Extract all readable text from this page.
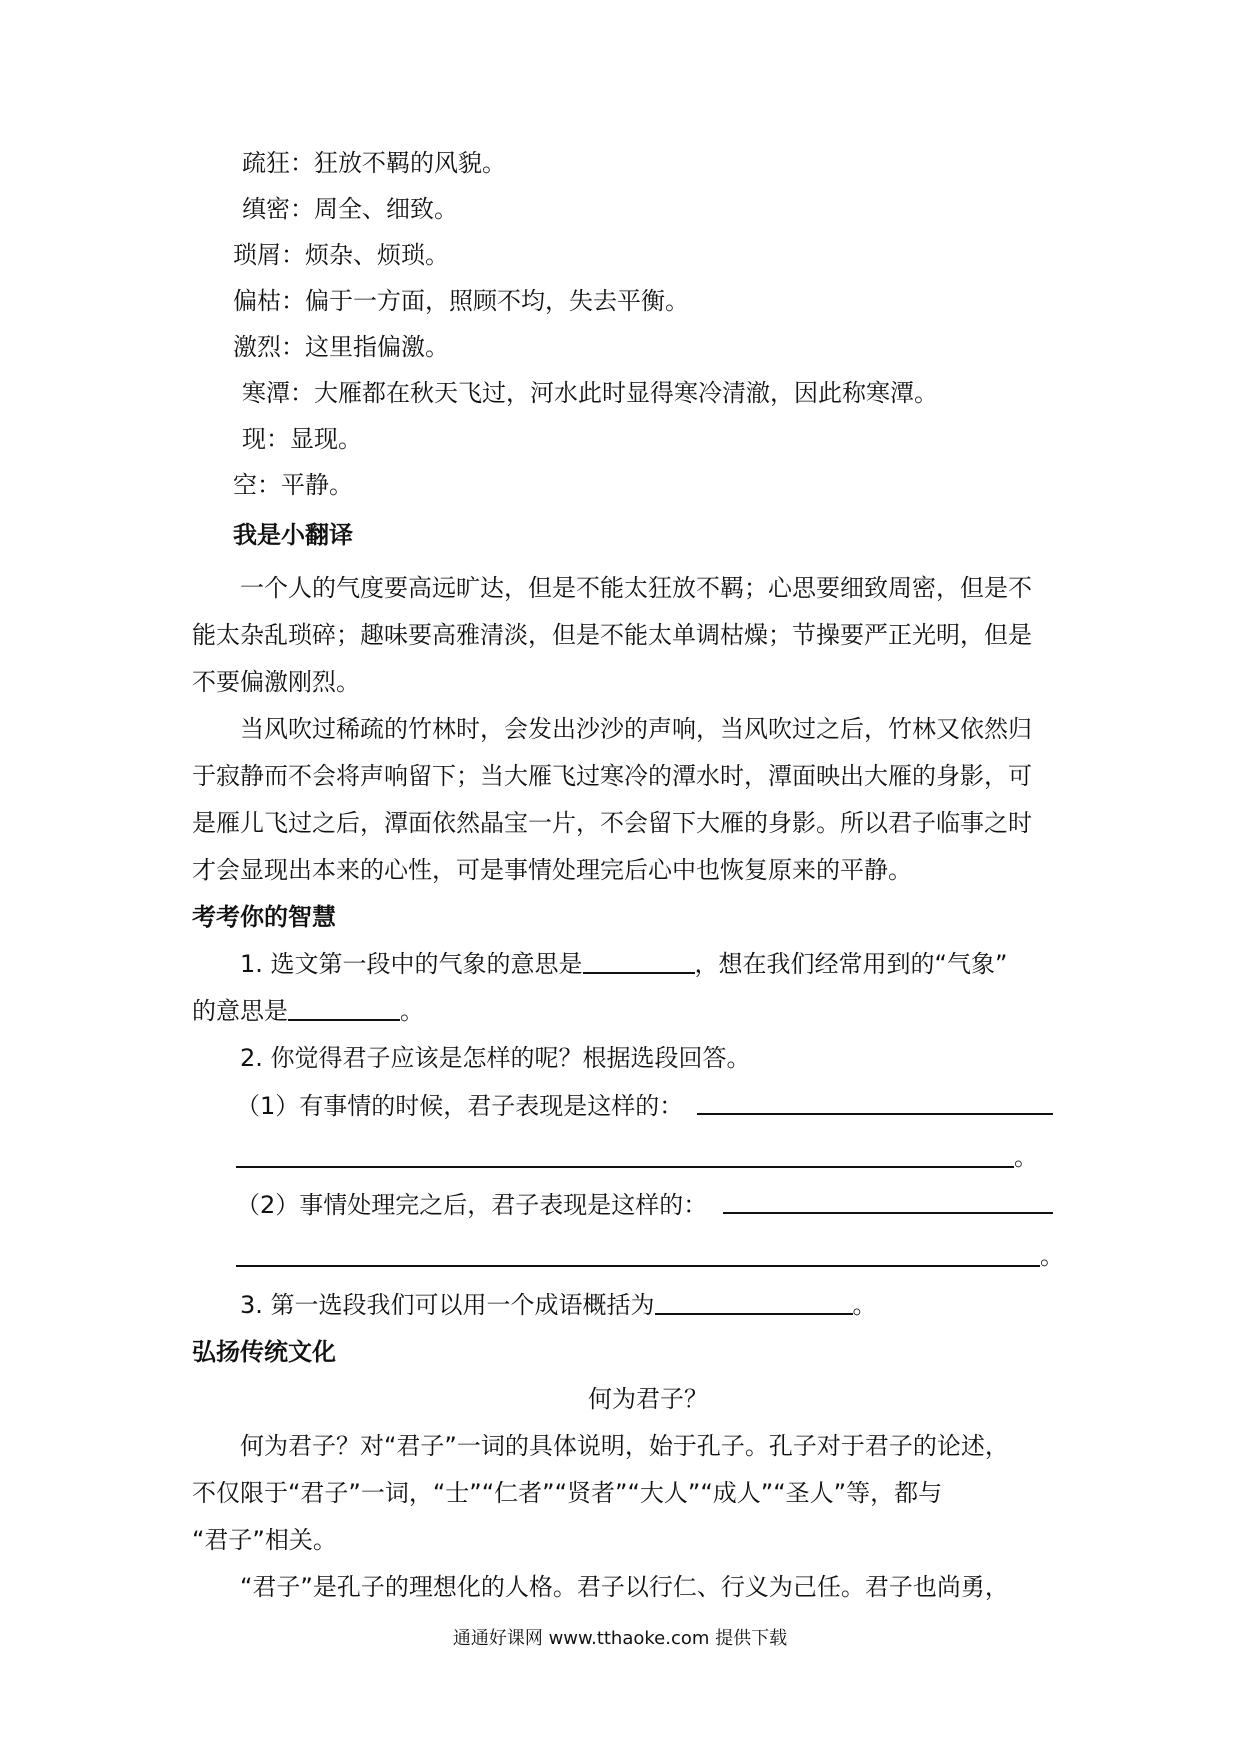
疏狂：狂放不羁的风貌。
缜密：周全、细致。
琐屑：烦杂、烦琐。
偏枯：偏于一方面，照顾不均，失去平衡。
激烈：这里指偏激。
寒潭：大雁都在秋天飞过，河水此时显得寒冷清澈，因此称寒潭。
现：显现。
空：平静。
我是小翻译
一个人的气度要高远旷达，但是不能太狂放不羁；心思要细致周密，但是不
能太杂乱琐碎；趣味要高雅清淡，但是不能太单调枯燥；节操要严正光明，但是
不要偏激刚烈。
当风吹过稀疏的竹林时，会发出沙沙的声响，当风吹过之后，竹林又依然归
于寂静而不会将声响留下；当大雁飞过寒冷的潭水时，潭面映出大雁的身影，可
是雁儿飞过之后，潭面依然晶宝一片，不会留下大雁的身影。所以君子临事之时
才会显现出本来的心性，可是事情处理完后心中也恢复原来的平静。
考考你的智慧
1. 选文第一段中的气象的意思是	，想在我们经常用到的“气象”
的意思是	。
2. 你觉得君子应该是怎样的呢？根据选段回答。
（1）有事情的时候，君子表现是这样的：
。
（2）事情处理完之后，君子表现是这样的：
。
3. 第一选段我们可以用一个成语概括为	。
弘扬传统文化
何为君子？
何为君子？对“君子”一词的具体说明，始于孔子。孔子对于君子的论述，
不仅限于“君子”一词，“士”“仁者”“贤者”“大人”“成人”“圣人”等，都与
“君子”相关。
“君子”是孔子的理想化的人格。君子以行仁、行义为己任。君子也尚勇，
通通好课网 www.tthaoke.com 提供下载
